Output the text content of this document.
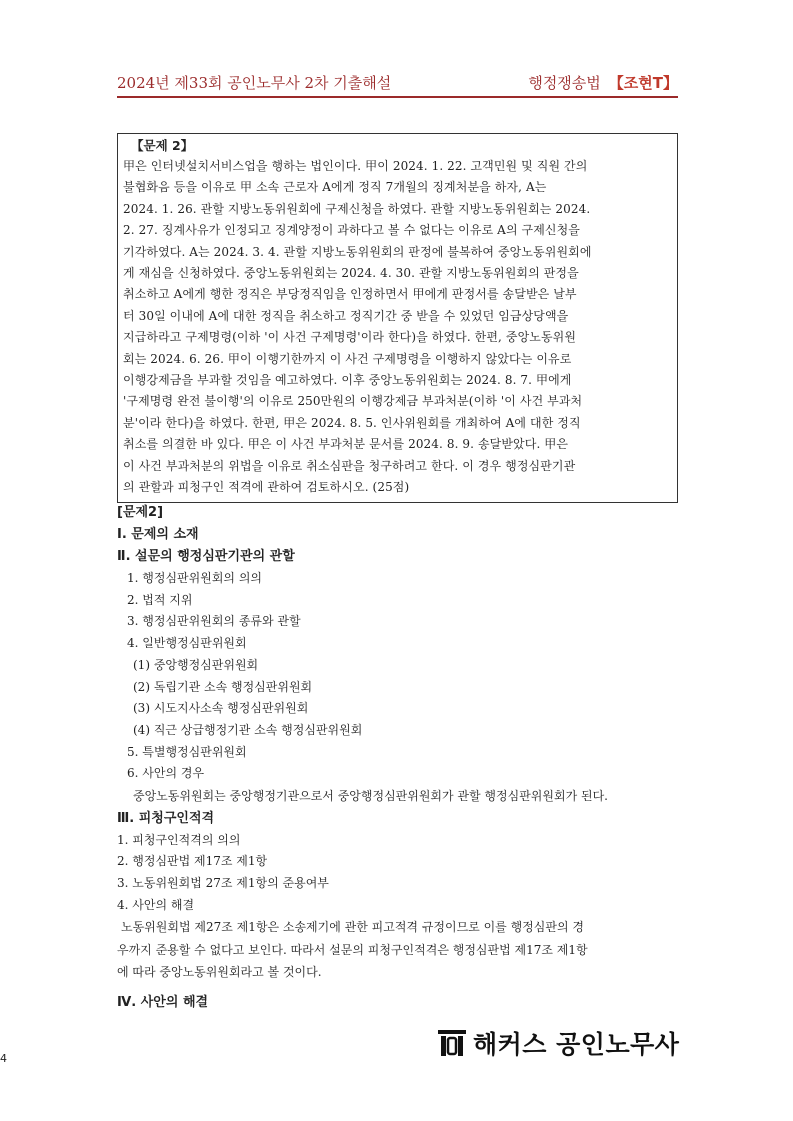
2024년 제33회 공인노무사 2차 기출해설	행정쟁송법 【조현T】
【문제 2】
甲은 인터넷설치서비스업을 행하는 법인이다. 甲이 2024. 1. 22. 고객민원 및 직원 간의
불협화음 등을 이유로 甲 소속 근로자 A에게 정직 7개월의 징계처분을 하자, A는
2024. 1. 26. 관할 지방노동위원회에 구제신청을 하였다. 관할 지방노동위원회는 2024.
2. 27. 징계사유가 인정되고 징계양정이 과하다고 볼 수 없다는 이유로 A의 구제신청을
기각하였다. A는 2024. 3. 4. 관할 지방노동위원회의 판정에 불복하여 중앙노동위원회에
게 재심을 신청하였다. 중앙노동위원회는 2024. 4. 30. 관할 지방노동위원회의 판정을
취소하고 A에게 행한 정직은 부당정직임을 인정하면서 甲에게 판정서를 송달받은 날부
터 30일 이내에 A에 대한 정직을 취소하고 정직기간 중 받을 수 있었던 임금상당액을
지급하라고 구제명령(이하 '이 사건 구제명령'이라 한다)을 하였다. 한편, 중앙노동위원
회는 2024. 6. 26. 甲이 이행기한까지 이 사건 구제명령을 이행하지 않았다는 이유로
이행강제금을 부과할 것임을 예고하였다. 이후 중앙노동위원회는 2024. 8. 7. 甲에게
'구제명령 완전 불이행'의 이유로 250만원의 이행강제금 부과처분(이하 '이 사건 부과처
분'이라 한다)을 하였다. 한편, 甲은 2024. 8. 5. 인사위원회를 개최하여 A에 대한 정직
취소를 의결한 바 있다. 甲은 이 사건 부과처분 문서를 2024. 8. 9. 송달받았다. 甲은
이 사건 부과처분의 위법을 이유로 취소심판을 청구하려고 한다. 이 경우 행정심판기관
의 관할과 피청구인 적격에 관하여 검토하시오. (25점)
[문제2]
Ⅰ. 문제의 소재
Ⅱ. 설문의 행정심판기관의 관할
1. 행정심판위원회의 의의
2. 법적 지위
3. 행정심판위원회의 종류와 관할
4. 일반행정심판위원회
(1) 중앙행정심판위원회
(2) 독립기관 소속 행정심판위원회
(3) 시도지사소속 행정심판위원회
(4) 직근 상급행정기관 소속 행정심판위원회
5. 특별행정심판위원회
6. 사안의 경우
중앙노동위원회는 중앙행정기관으로서 중앙행정심판위원회가 관할 행정심판위원회가 된다.
Ⅲ. 피청구인적격
1. 피청구인적격의 의의
2. 행정심판법 제17조 제1항
3. 노동위원회법 27조 제1항의 준용여부
4. 사안의 해결
노동위원회법 제27조 제1항은 소송제기에 관한 피고적격 규정이므로 이를 행정심판의 경
우까지 준용할 수 없다고 보인다. 따라서 설문의 피청구인적격은 행정심판법 제17조 제1항
에 따라 중앙노동위원회라고 볼 것이다.
Ⅳ. 사안의 해결
해커스 공인노무사
4
